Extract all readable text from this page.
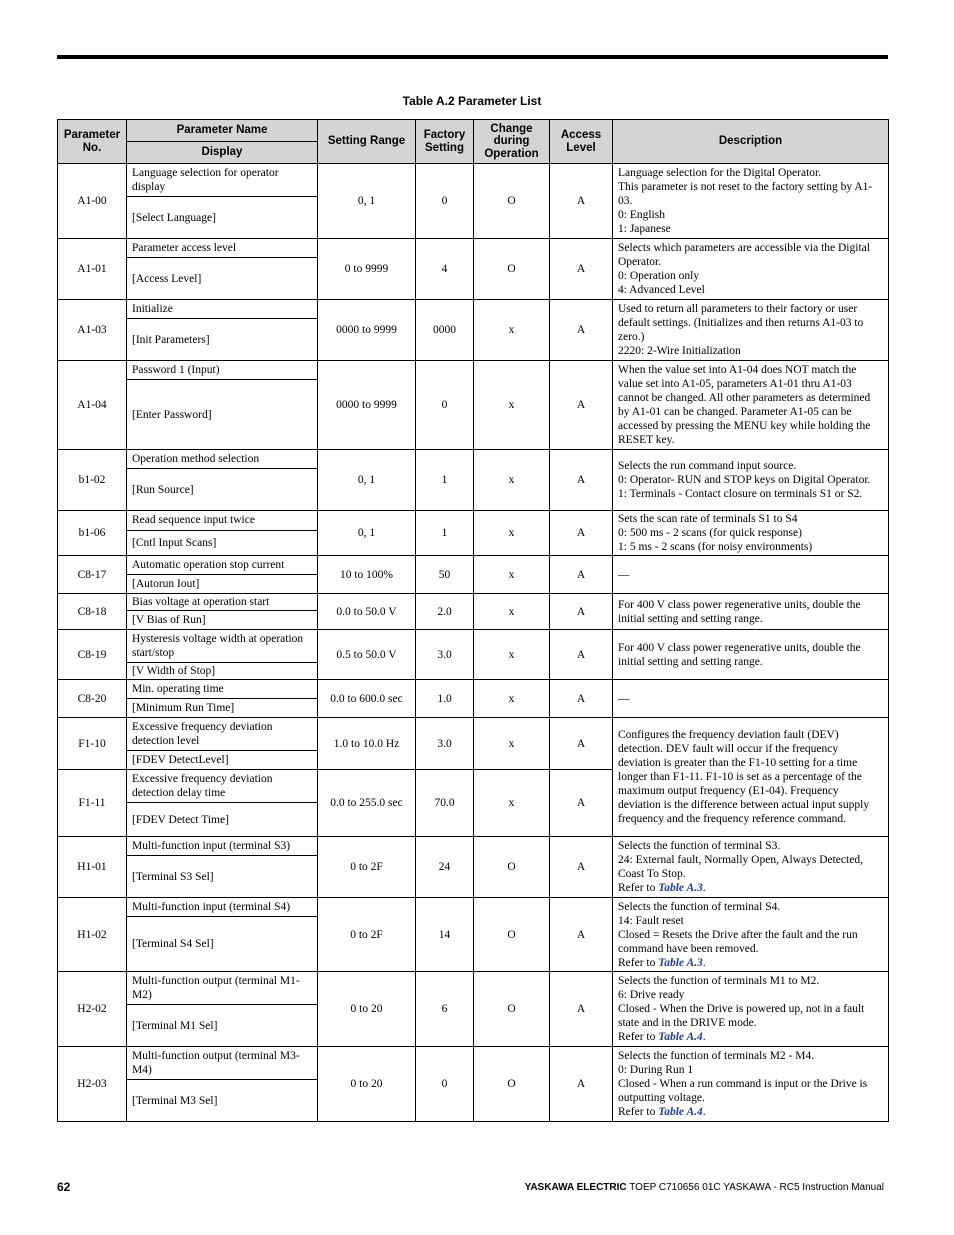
Table A.2 Parameter List
Parameter No.	Parameter Name	Setting Range	Factory Setting	Change during Operation	Access Level	Description
	Display					
A1-00	Language selection for operator display	0, 1	0	O	A	Language selection for the Digital Operator.
This parameter is not reset to the factory setting by A1-03.
0: English
1: Japanese

	[Select Language]					
A1-01	Parameter access level	0 to 9999	4	O	A	Selects which parameters are accessible via the Digital Operator.
0: Operation only
4: Advanced Level

	[Access Level]					
A1-03	Initialize	0000 to 9999	0000	x	A	Used to return all parameters to their factory or user default settings. (Initializes and then returns A1-03 to zero.)
2220: 2-Wire Initialization

	[Init Parameters]					
A1-04	Password 1 (Input)	0000 to 9999	0	x	A	When the value set into A1-04 does NOT match the value set into A1-05, parameters A1-01 thru A1-03 cannot be changed. All other parameters as determined by A1-01 can be changed. Parameter A1-05 can be accessed by pressing the MENU key while holding the RESET key.

	[Enter Password]					
b1-02	Operation method selection	0, 1	1	x	A	Selects the run command input source.
0: Operator- RUN and STOP keys on Digital Operator.
1: Terminals - Contact closure on terminals S1 or S2.

	[Run Source]					
b1-06	Read sequence input twice	0, 1	1	x	A	Sets the scan rate of terminals S1 to S4
0: 500 ms - 2 scans (for quick response)
1: 5 ms - 2 scans (for noisy environments)

	[Cntl Input Scans]					
C8-17	Automatic operation stop current	10 to 100%	50	x	A	—

	[Autorun Iout]					
C8-18	Bias voltage at operation start	0.0 to 50.0 V	2.0	x	A	For 400 V class power regenerative units, double the initial setting and setting range.

	[V Bias of Run]					
C8-19	Hysteresis voltage width at operation start/stop	0.5 to 50.0 V	3.0	x	A	For 400 V class power regenerative units, double the initial setting and setting range.

	[V Width of Stop]					
C8-20	Min. operating time	0.0 to 600.0 sec	1.0	x	A	—

	[Minimum Run Time]					
F1-10	Excessive frequency deviation detection level	1.0 to 10.0 Hz	3.0	x	A	Configures the frequency deviation fault (DEV) detection. DEV fault will occur if the frequency deviation is greater than the F1-10 setting for a time longer than F1-11. F1-10 is set as a percentage of the maximum output frequency (E1-04). Frequency deviation is the difference between actual input supply frequency and the frequency reference command.
	[FDEV DetectLevel]					
F1-11	Excessive frequency deviation detection delay time	0.0 to 255.0 sec	70.0	x	A	
	[FDEV Detect Time]					
H1-01	Multi-function input (terminal S3)	0 to 2F	24	O	A	Selects the function of terminal S3.
24: External fault, Normally Open, Always Detected, Coast To Stop.
Refer to Table A.3.

	[Terminal S3 Sel]					
H1-02	Multi-function input (terminal S4)	0 to 2F	14	O	A	Selects the function of terminal S4.
14: Fault reset
Closed = Resets the Drive after the fault and the run command have been removed.
Refer to Table A.3.

	[Terminal S4 Sel]					
H2-02	Multi-function output (terminal M1-M2)	0 to 20	6	O	A	Selects the function of terminals M1 to M2.
6: Drive ready
Closed - When the Drive is powered up, not in a fault state and in the DRIVE mode.
Refer to Table A.4.

	[Terminal M1 Sel]					
H2-03	Multi-function output (terminal M3-M4)	0 to 20	0	O	A	Selects the function of terminals M2 - M4.
0: During Run 1
Closed - When a run command is input or the Drive is outputting voltage.
Refer to Table A.4.

	[Terminal M3 Sel]					
62	YASKAWA ELECTRIC TOEP C710656 01C YASKAWA - RC5 Instruction Manual
